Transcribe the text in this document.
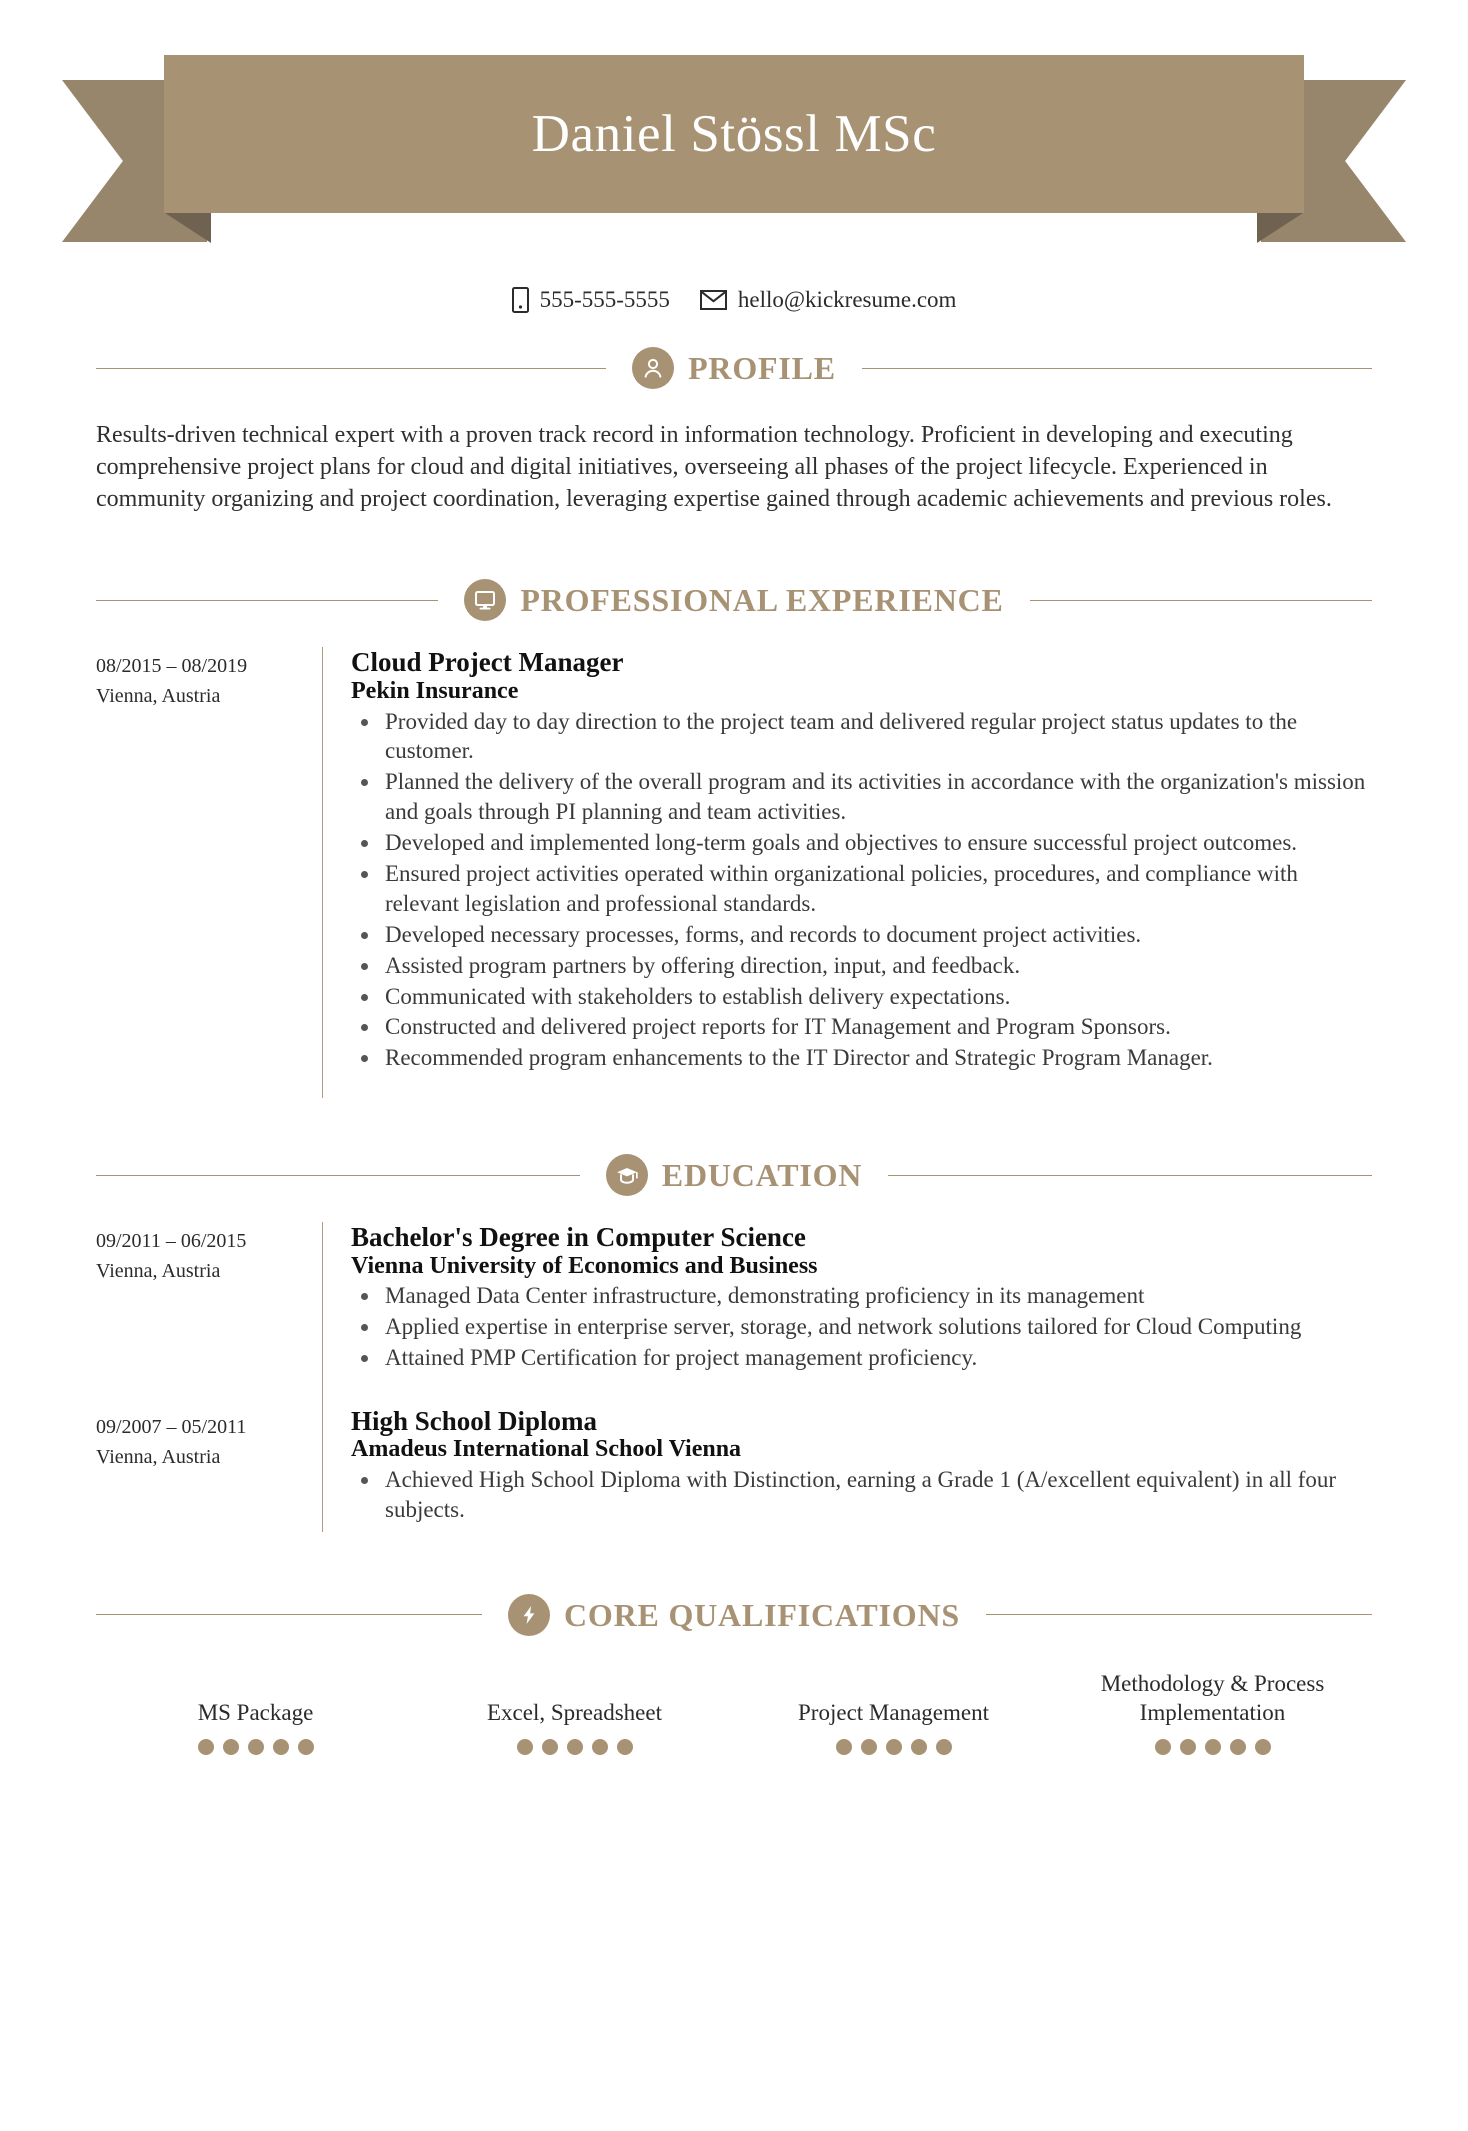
Daniel Stössl MSc
555-555-5555	hello@kickresume.com
PROFILE
Results-driven technical expert with a proven track record in information technology. Proficient in developing and executing comprehensive project plans for cloud and digital initiatives, overseeing all phases of the project lifecycle. Experienced in community organizing and project coordination, leveraging expertise gained through academic achievements and previous roles.
PROFESSIONAL EXPERIENCE
08/2015 – 08/2019
Vienna, Austria
Cloud Project Manager
Pekin Insurance
Provided day to day direction to the project team and delivered regular project status updates to the customer.
Planned the delivery of the overall program and its activities in accordance with the organization's mission and goals through PI planning and team activities.
Developed and implemented long-term goals and objectives to ensure successful project outcomes.
Ensured project activities operated within organizational policies, procedures, and compliance with relevant legislation and professional standards.
Developed necessary processes, forms, and records to document project activities.
Assisted program partners by offering direction, input, and feedback.
Communicated with stakeholders to establish delivery expectations.
Constructed and delivered project reports for IT Management and Program Sponsors.
Recommended program enhancements to the IT Director and Strategic Program Manager.
EDUCATION
09/2011 – 06/2015
Vienna, Austria
Bachelor's Degree in Computer Science
Vienna University of Economics and Business
Managed Data Center infrastructure, demonstrating proficiency in its management
Applied expertise in enterprise server, storage, and network solutions tailored for Cloud Computing
Attained PMP Certification for project management proficiency.
09/2007 – 05/2011
Vienna, Austria
High School Diploma
Amadeus International School Vienna
Achieved High School Diploma with Distinction, earning a Grade 1 (A/excellent equivalent) in all four subjects.
CORE QUALIFICATIONS
MS Package	Excel, Spreadsheet	Project Management
Methodology & Process Implementation
